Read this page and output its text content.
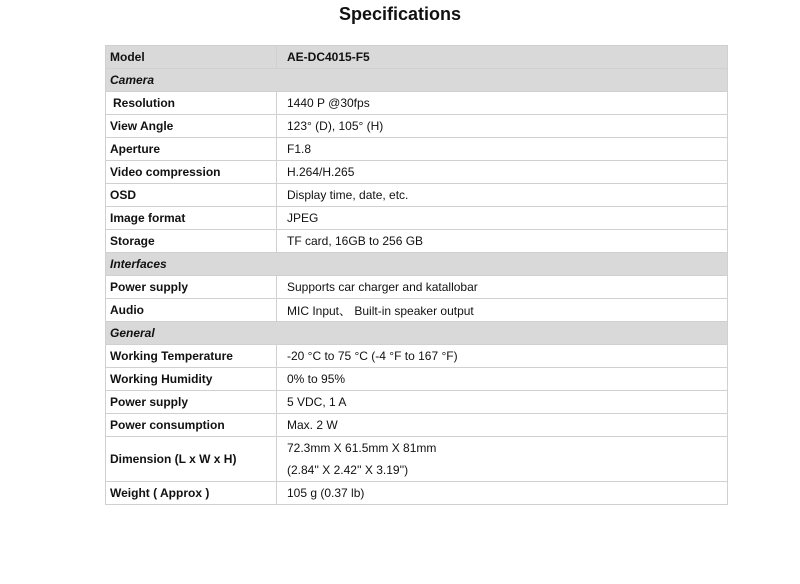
Specifications
Model	AE-DC4015-F5
Camera	
Resolution	1440 P @30fps
View Angle	123° (D), 105° (H)
Aperture	F1.8
Video compression	H.264/H.265
OSD	Display time, date, etc.
Image format	JPEG
Storage	TF card, 16GB to 256 GB
Interfaces	
Power supply	Supports car charger and katallobar
Audio	MIC Input、 Built-in speaker output
General	
Working Temperature	-20 °C to 75 °C (-4 °F to 167 °F)
Working Humidity	0% to 95%
Power supply	5 VDC, 1 A
Power consumption	Max. 2 W
Dimension (L x W x H)	72.3mm X 61.5mm X 81mm
(2.84'' X 2.42'' X 3.19'')

Weight ( Approx )	105 g (0.37 lb)
